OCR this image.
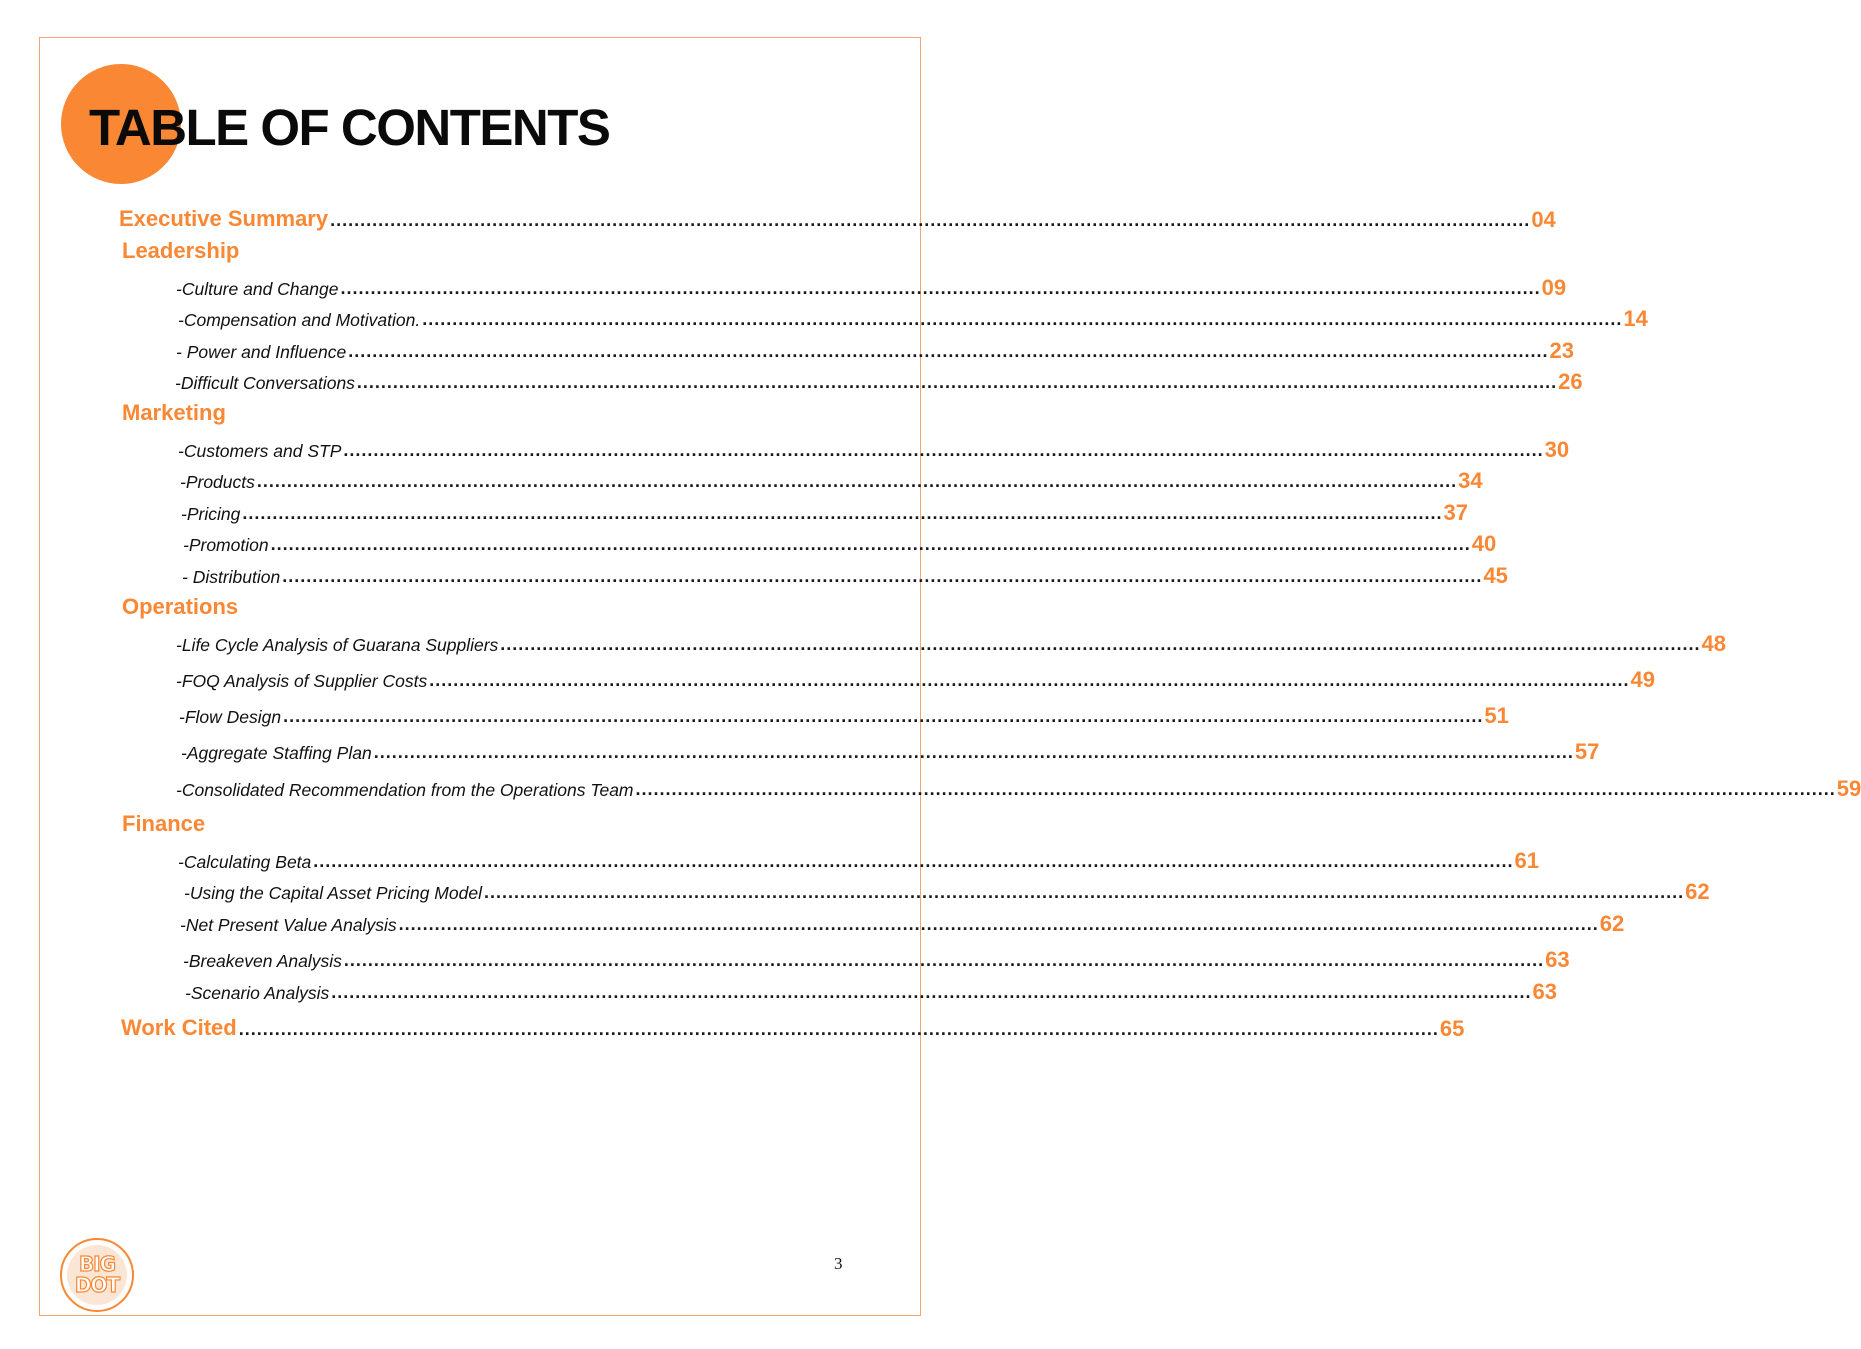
TABLE OF CONTENTS
Executive Summary ........................................................................................................................................................................................................ 04
Leadership
-Culture and Change ........................................................................................................................................................................................................ 09
-Compensation and Motivation. ........................................................................................................................................................................................................ 14
- Power and Influence ........................................................................................................................................................................................................ 23
-Difficult Conversations ........................................................................................................................................................................................................ 26
Marketing
-Customers and STP ........................................................................................................................................................................................................ 30
-Products ........................................................................................................................................................................................................ 34
-Pricing ........................................................................................................................................................................................................ 37
-Promotion ........................................................................................................................................................................................................ 40
- Distribution ........................................................................................................................................................................................................ 45
Operations
-Life Cycle Analysis of Guarana Suppliers ........................................................................................................................................................................................................ 48
-FOQ Analysis of Supplier Costs ........................................................................................................................................................................................................ 49
-Flow Design ........................................................................................................................................................................................................ 51
-Aggregate Staffing Plan ........................................................................................................................................................................................................ 57
-Consolidated Recommendation from the Operations Team ........................................................................................................................................................................................................ 59
Finance
-Calculating Beta ........................................................................................................................................................................................................ 61
-Using the Capital Asset Pricing Model ........................................................................................................................................................................................................ 62
-Net Present Value Analysis ........................................................................................................................................................................................................ 62
-Breakeven Analysis ........................................................................................................................................................................................................ 63
-Scenario Analysis ........................................................................................................................................................................................................ 63
Work Cited ........................................................................................................................................................................................................ 65
BIG
DOT
3
